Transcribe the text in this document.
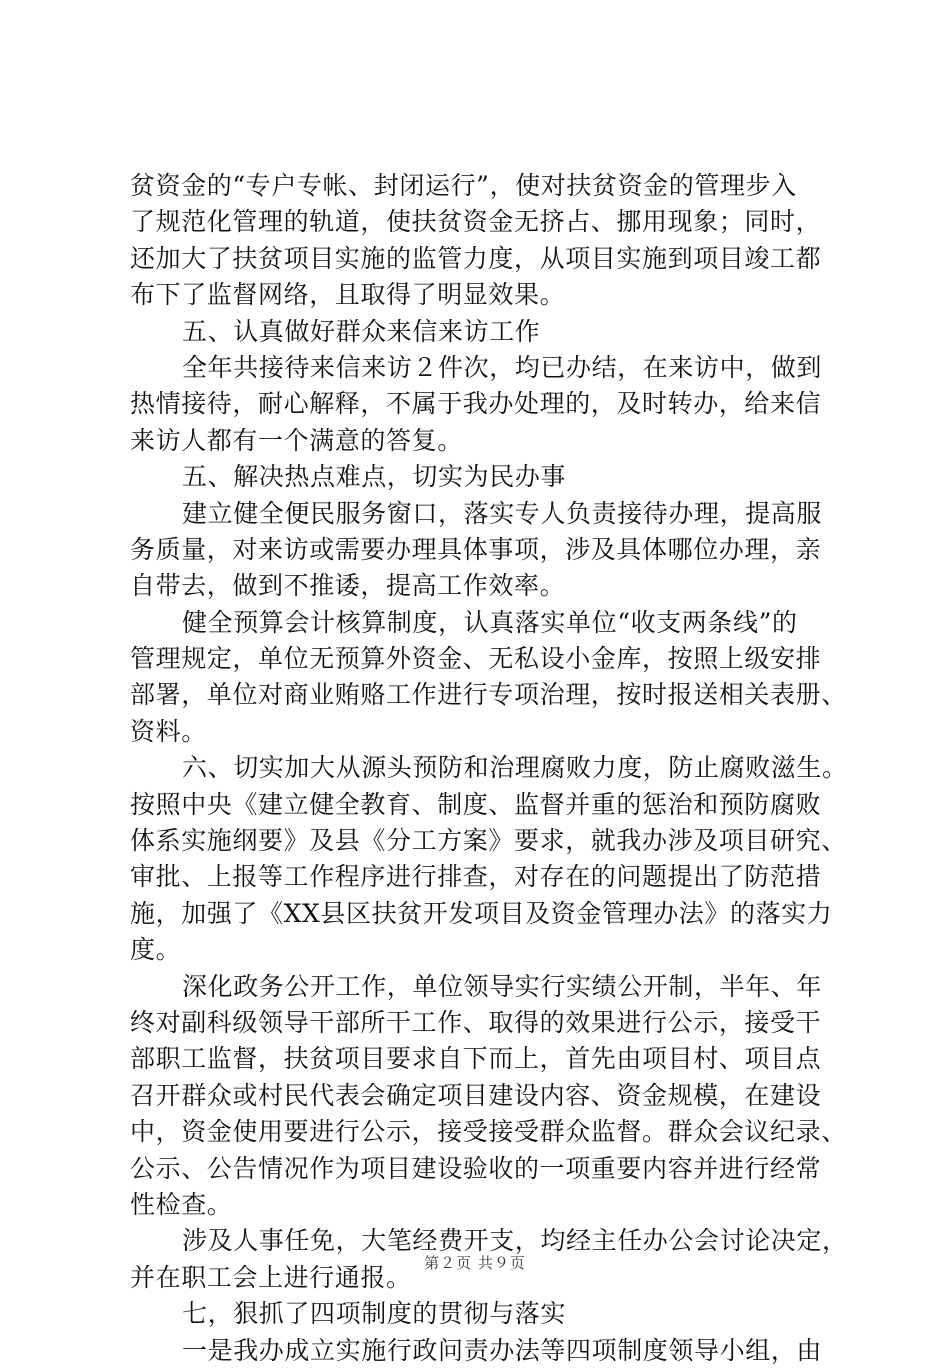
贫资金的“专户专帐、封闭运行”，使对扶贫资金的管理步入
了规范化管理的轨道，使扶贫资金无挤占、挪用现象；同时，
还加大了扶贫项目实施的监管力度，从项目实施到项目竣工都
布下了监督网络，且取得了明显效果。
五、认真做好群众来信来访工作
全年共接待来信来访２件次，均已办结，在来访中，做到
热情接待，耐心解释，不属于我办处理的，及时转办，给来信
来访人都有一个满意的答复。
五、解决热点难点，切实为民办事
建立健全便民服务窗口，落实专人负责接待办理，提高服
务质量，对来访或需要办理具体事项，涉及具体哪位办理，亲
自带去，做到不推诿，提高工作效率。
健全预算会计核算制度，认真落实单位“收支两条线”的
管理规定，单位无预算外资金、无私设小金库，按照上级安排
部署，单位对商业贿赂工作进行专项治理，按时报送相关表册、
资料。
六、切实加大从源头预防和治理腐败力度，防止腐败滋生。
按照中央《建立健全教育、制度、监督并重的惩治和预防腐败
体系实施纲要》及县《分工方案》要求，就我办涉及项目研究、
审批、上报等工作程序进行排查，对存在的问题提出了防范措
施，加强了《XX县区扶贫开发项目及资金管理办法》的落实力
度。
深化政务公开工作，单位领导实行实绩公开制，半年、年
终对副科级领导干部所干工作、取得的效果进行公示，接受干
部职工监督，扶贫项目要求自下而上，首先由项目村、项目点
召开群众或村民代表会确定项目建设内容、资金规模，在建设
中，资金使用要进行公示，接受接受群众监督。群众会议纪录、
公示、公告情况作为项目建设验收的一项重要内容并进行经常
性检查。
涉及人事任免，大笔经费开支，均经主任办公会讨论决定，
并在职工会上进行通报。
七，狠抓了四项制度的贯彻与落实
一是我办成立实施行政问责办法等四项制度领导小组，由
第２页 共９页
